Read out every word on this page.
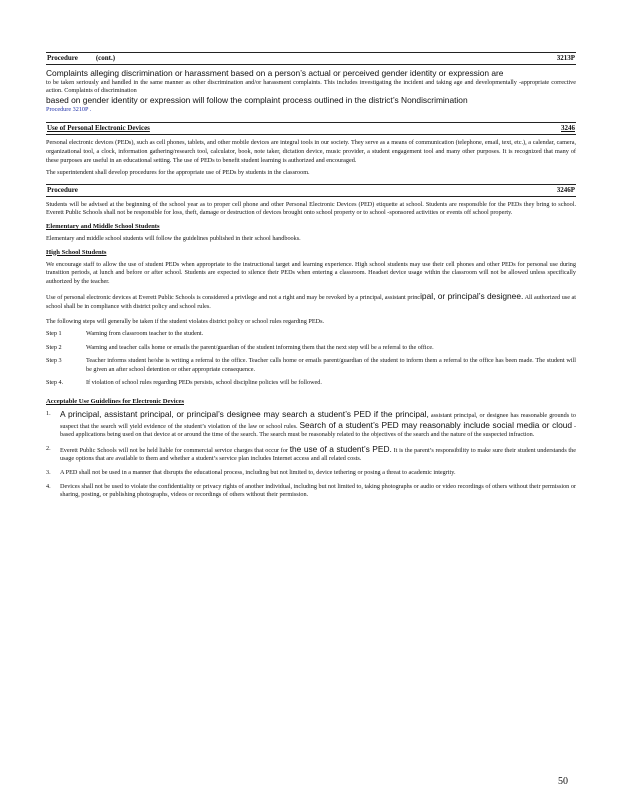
Procedure	(cont.)	3213P

Complaints alleging discrimination or harassment based on a person’s actual or perceived gender identity or expression are

to be taken seriously and handled in the same manner as other discrimination and/or harassment complaints. This includes investigating the incident and taking age and developmentally -appropriate corrective action. Complaints of discrimination

based on gender identity or expression will follow the complaint process outlined in the district’s Nondiscrimination

Procedure 3210P .

Use of Personal Electronic Devices	3246

Personal electronic devices (PEDs), such as cell phones, tablets, and other mobile devices are integral tools in our society. They serve as a means of communication (telephone, email, text, etc.), a calendar, camera, organizational tool, a clock, information gathering/research tool, calculator, book, note taker, dictation device, music provider, a student engagement tool and many other purposes. It is recognized that many of these purposes are useful in an educational setting. The use of PEDs to benefit student learning is authorized and encouraged.

The superintendent shall develop procedures for the appropriate use of PEDs by students in the classroom.

Procedure	3246P

Students will be advised at the beginning of the school year as to proper cell phone and other Personal Electronic Devices (PED) etiquette at school. Students are responsible for the PEDs they bring to school. Everett Public Schools shall not be responsible for loss, theft, damage or destruction of devices brought onto school property or to school -sponsored activities or events off school property.

Elementary and Middle School Students

Elementary and middle school students will follow the guidelines published in their school handbooks.

High School Students

We encourage staff to allow the use of student PEDs when appropriate to the instructional target and learning experience. High school students may use their cell phones and other PEDs for personal use during transition periods, at lunch and before or after school. Students are expected to silence their PEDs when entering a classroom. Headset device usage within the classroom will not be allowed unless specifically authorized by the teacher.

Use of personal electronic devices at Everett Public Schools is considered a privilege and not a right and may be revoked by a principal, assistant principal, or principal’s designee. All authorized use at school shall be in compliance with district policy and school rules.

The following steps will generally be taken if the student violates district policy or school rules regarding PEDs.

Step 1	Warning from classroom teacher to the student.
Step 2	Warning and teacher calls home or emails the parent/guardian of the student informing them that the next step will be a referral to the office.
Step 3	Teacher informs student he/she is writing a referral to the office. Teacher calls home or emails parent/guardian of the student to inform them a referral to the office has been made. The student will be given an after school detention or other appropriate consequence.
Step 4.	If violation of school rules regarding PEDs persists, school discipline policies will be followed.

Acceptable Use Guidelines for Electronic Devices

1.	A principal, assistant principal, or principal’s designee may search a student’s PED if the principal, assistant principal, or designee has reasonable grounds to suspect that the search will yield evidence of the student’s violation of the law or school rules. Search of a student’s PED may reasonably include social media or cloud -based applications being used on that device at or around the time of the search. The search must be reasonably related to the objectives of the search and the nature of the suspected infraction.
2.	Everett Public Schools will not be held liable for commercial service charges that occur for the use of a student’s PED. It is the parent’s responsibility to make sure their student understands the usage options that are available to them and whether a student’s service plan includes Internet access and all related costs.
3.	A PED shall not be used in a manner that disrupts the educational process, including but not limited to, device tethering or posing a threat to academic integrity.
4.	Devices shall not be used to violate the confidentiality or privacy rights of another individual, including but not limited to, taking photographs or audio or video recordings of others without their permission or sharing, posting, or publishing photographs, videos or recordings of others without their permission.
50
